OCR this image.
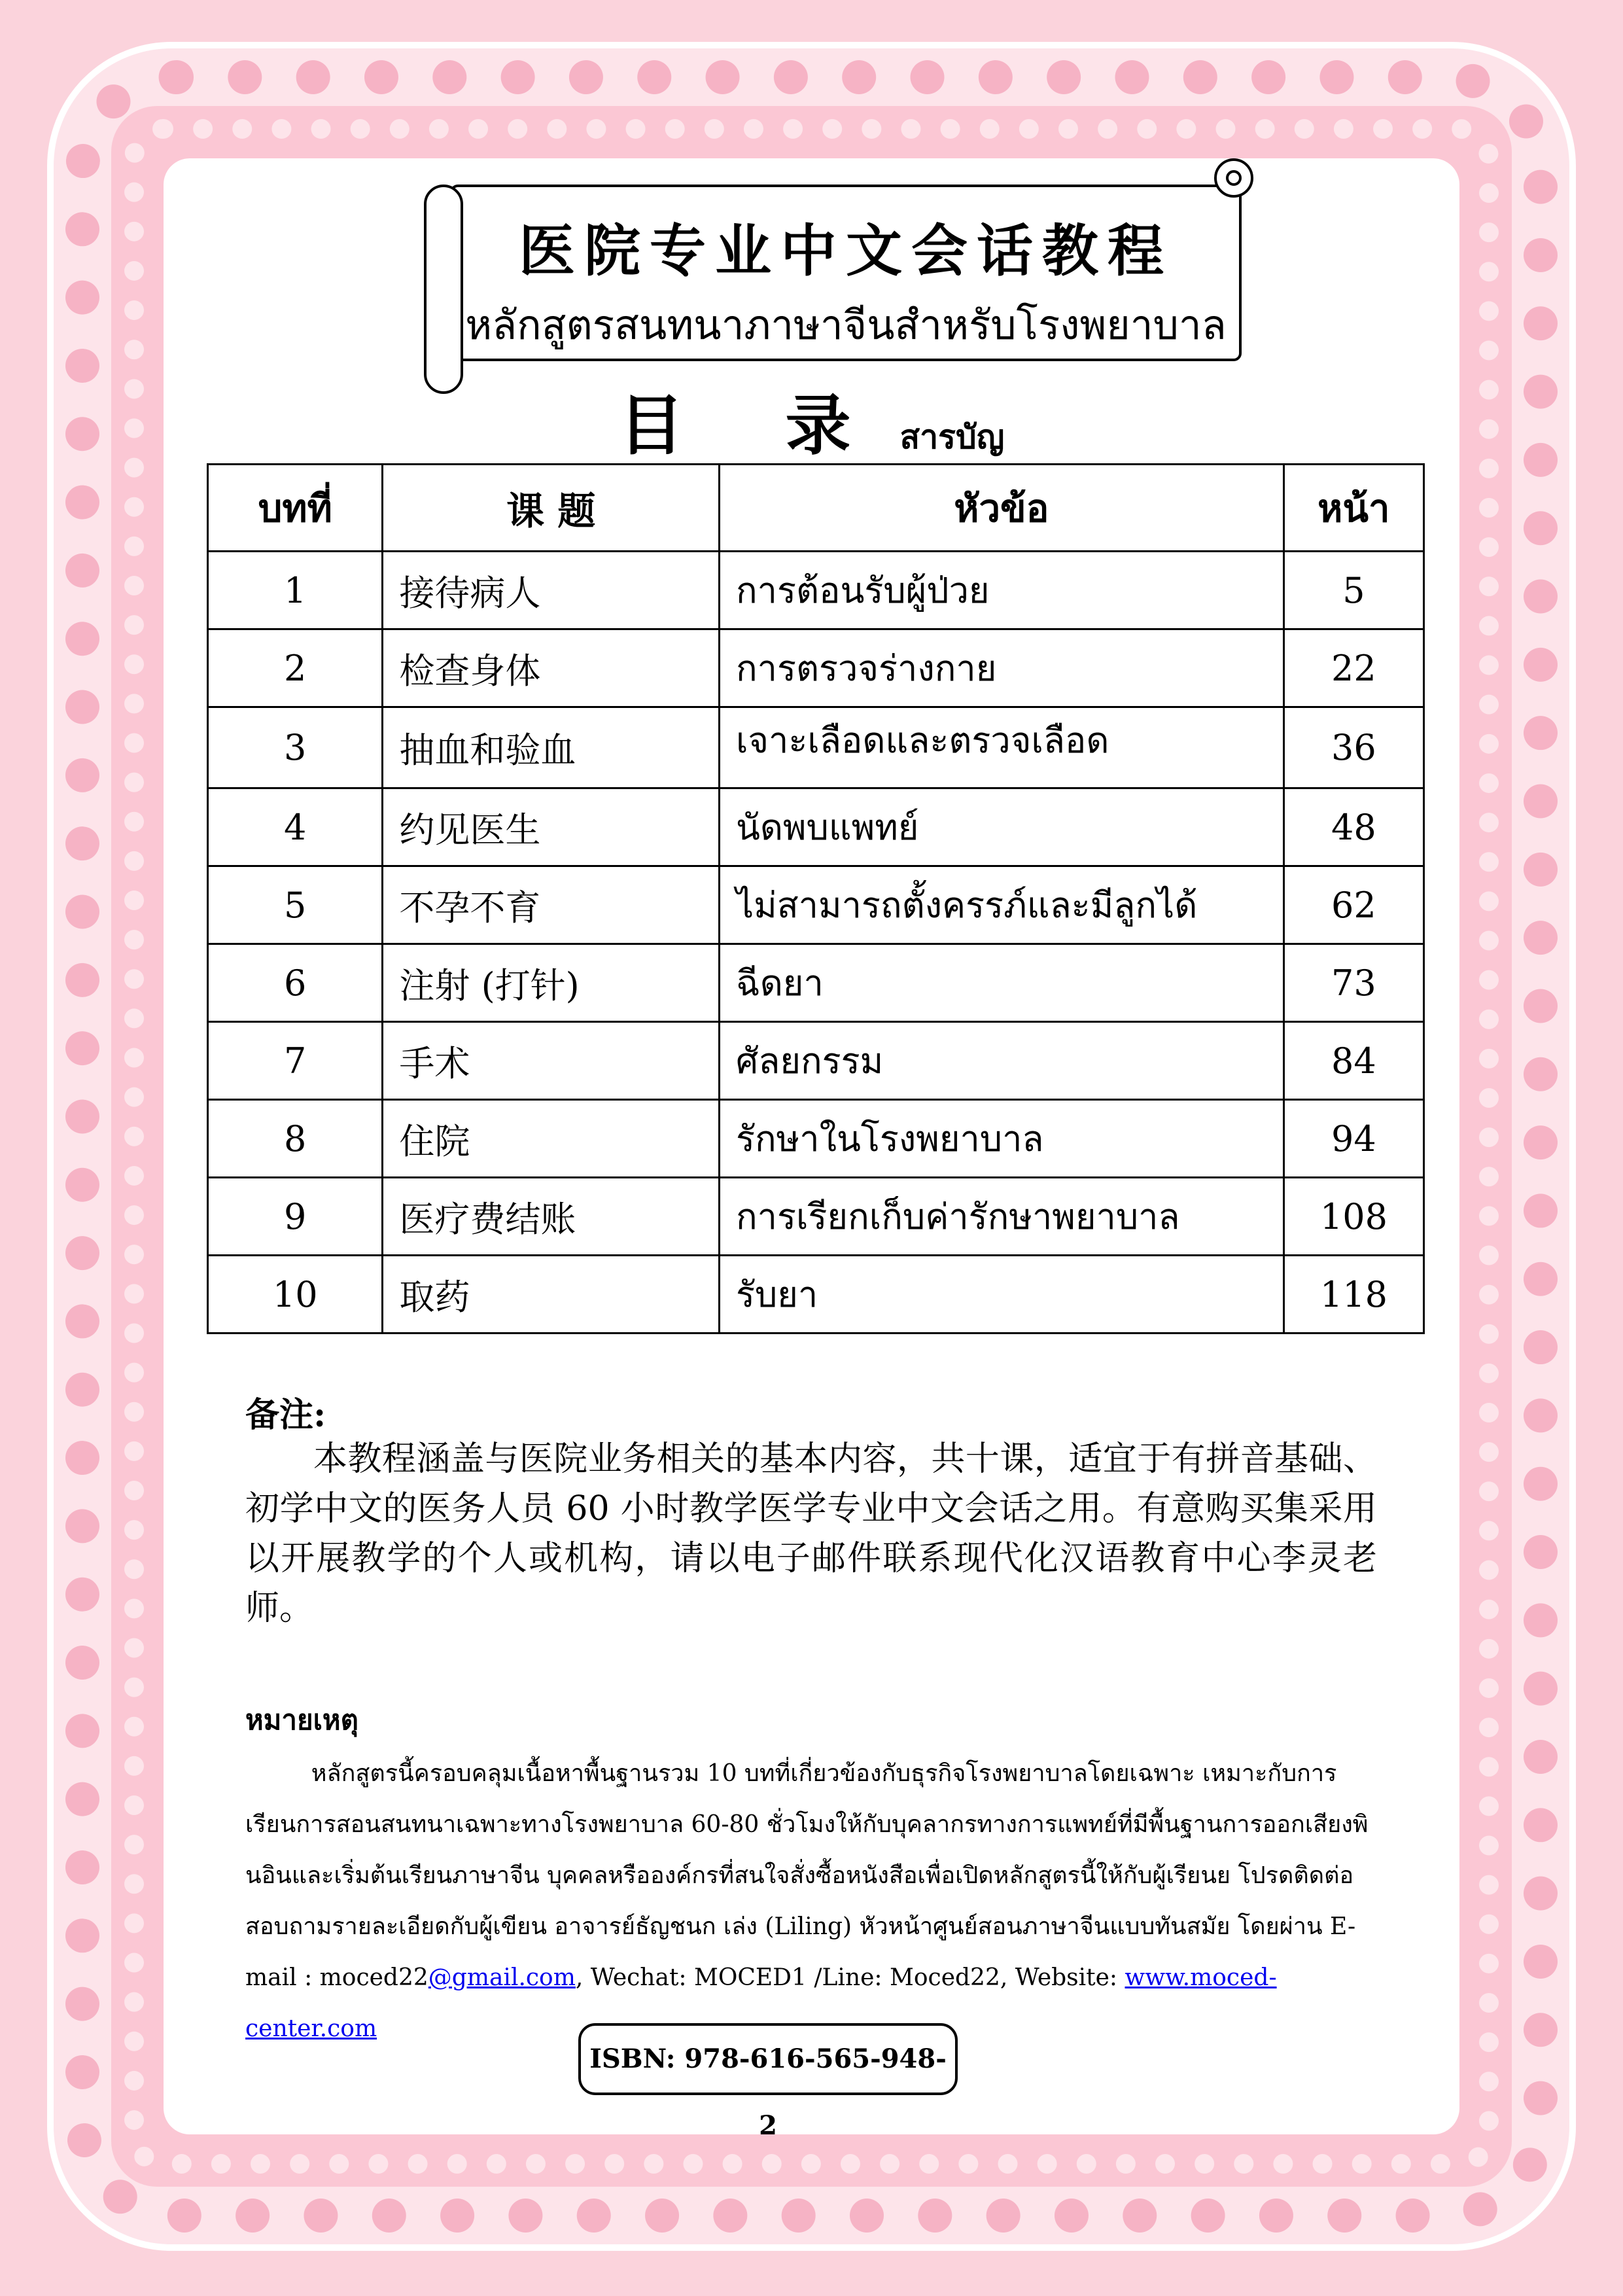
医院专业中文会话教程
หลักสูตรสนทนาภาษาจีนสำหรับโรงพยาบาล
目 录 สารบัญ
บทที่	课 题	หัวข้อ	หน้า
1	接待病人	การต้อนรับผู้ป่วย	5
2	检查身体	การตรวจร่างกาย	22
3	抽血和验血	เจาะเลือดและตรวจเลือด	36
4	约见医生	นัดพบแพทย์	48
5	不孕不育	ไม่สามารถตั้งครรภ์และมีลูกได้	62
6	注射 (打针)	ฉีดยา	73
7	手术	ศัลยกรรม	84
8	住院	รักษาในโรงพยาบาล	94
9	医疗费结账	การเรียกเก็บค่ารักษาพยาบาล	108
10	取药	รับยา	118
备注:
本教程涵盖与医院业务相关的基本内容，共十课，适宜于有拼音基础、初学中文的医务人员 60 小时教学医学专业中文会话之用。有意购买集采用以开展教学的个人或机构，请以电子邮件联系现代化汉语教育中心李灵老师。
หมายเหตุ
หลักสูตรนี้ครอบคลุมเนื้อหาพื้นฐานรวม 10 บทที่เกี่ยวข้องกับธุรกิจโรงพยาบาลโดยเฉพาะ เหมาะกับการเรียนการสอนสนทนาเฉพาะทางโรงพยาบาล 60-80 ชั่วโมงให้กับบุคลากรทางการแพทย์ที่มีพื้นฐานการออกเสียงพินอินและเริ่มต้นเรียนภาษาจีน บุคคลหรือองค์กรที่สนใจสั่งซื้อหนังสือเพื่อเปิดหลักสูตรนี้ให้กับผู้เรียนย โปรดติดต่อสอบถามรายละเอียดกับผู้เขียน อาจารย์ธัญชนก เล่ง (Liling) หัวหน้าศูนย์สอนภาษาจีนแบบทันสมัย โดยผ่าน E-mail : moced22@gmail.com, Wechat: MOCED1 /Line: Moced22, Website: www.moced-center.com
ISBN: 978-616-565-948-2
